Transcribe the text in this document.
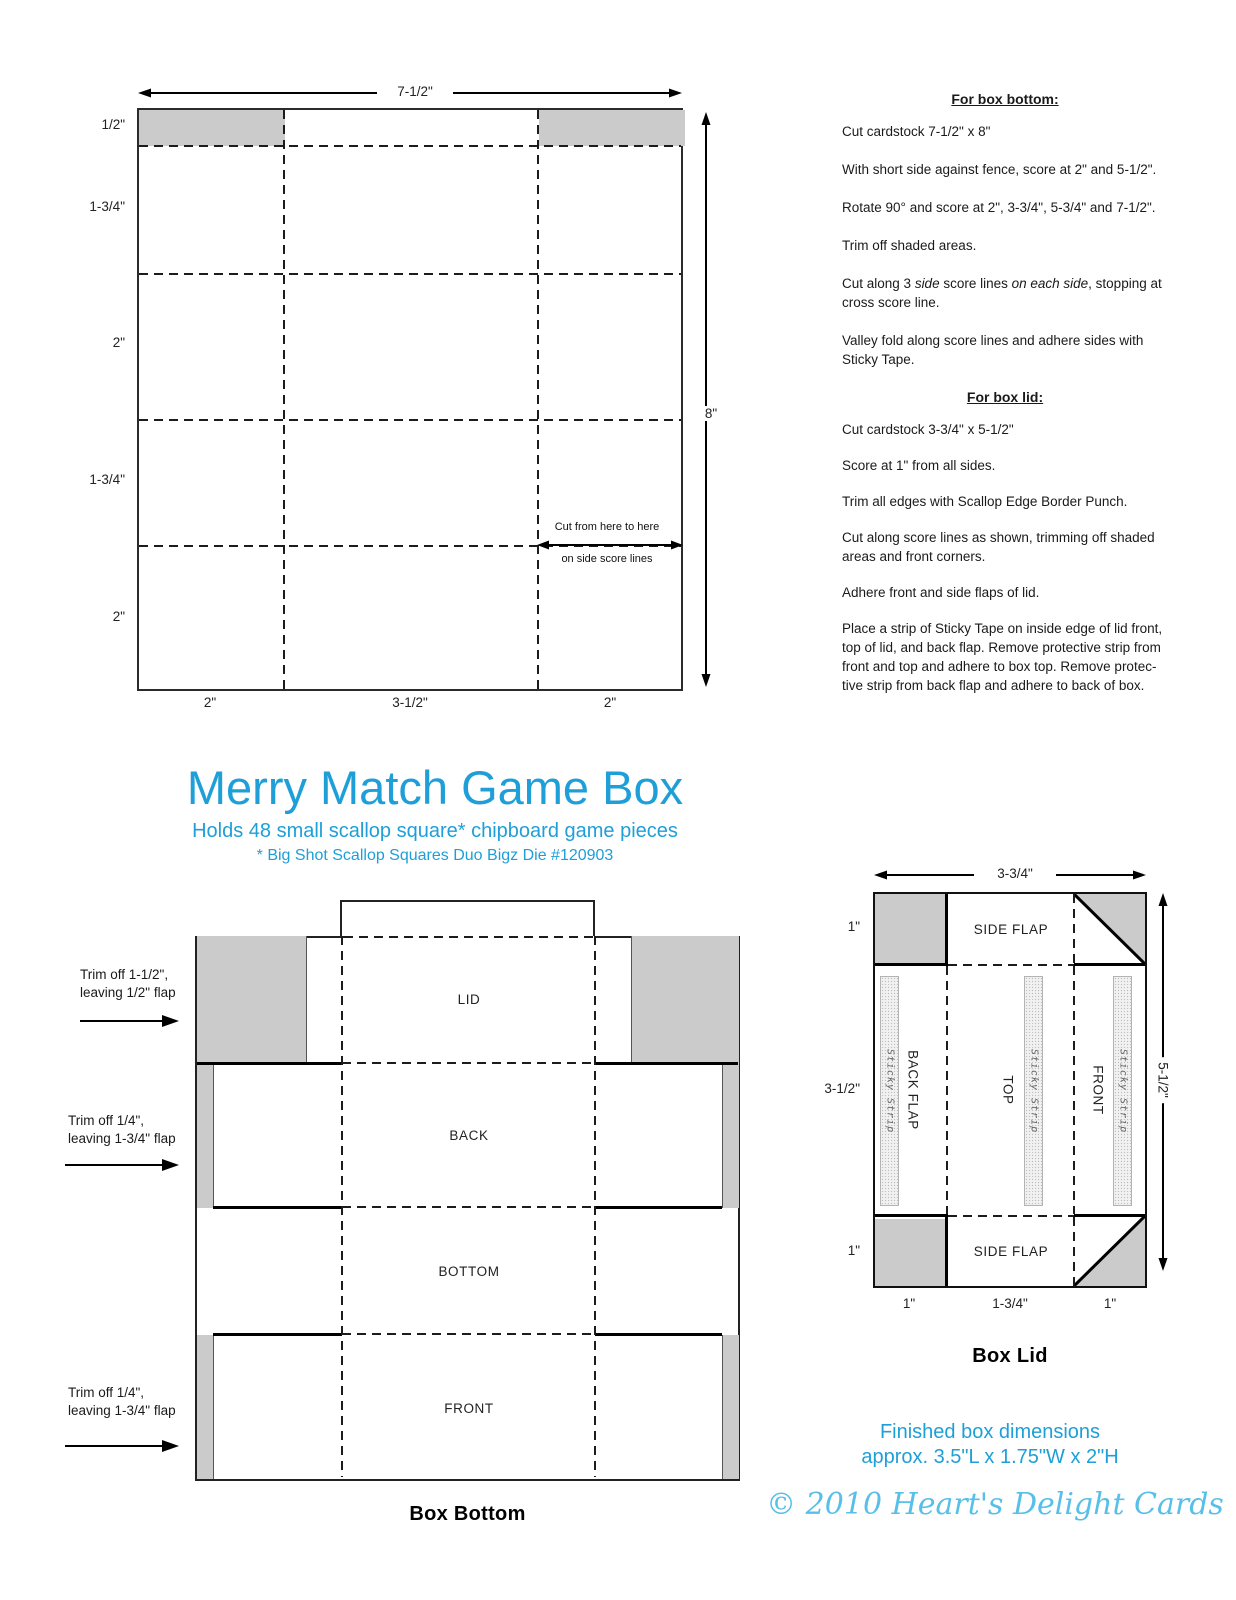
Cut from here to here
on side score lines
7-1/2"
8"
1/2"
1-3/4"
2"
1-3/4"
2"
2"	3-1/2"	2"
For box bottom:
Cut cardstock 7-1/2" x 8"
With short side against fence, score at 2" and 5-1/2".
Rotate 90° and score at 2", 3-3/4", 5-3/4" and 7-1/2".
Trim off shaded areas.
Cut along 3 side score lines on each side, stopping at
cross score line.
Valley fold along score lines and adhere sides with
Sticky Tape.
For box lid:
Cut cardstock 3-3/4" x 5-1/2"
Score at 1" from all sides.
Trim all edges with Scallop Edge Border Punch.
Cut along score lines as shown, trimming off shaded
areas and front corners.
Adhere front and side flaps of lid.
Place a strip of Sticky Tape on inside edge of lid front,
top of lid, and back flap. Remove protective strip from
front and top and adhere to box top. Remove protec-
tive strip from back flap and adhere to back of box.
Merry Match Game Box
Holds 48 small scallop square* chipboard game pieces
* Big Shot Scallop Squares Duo Bigz Die #120903
LID
BACK
BOTTOM
FRONT
Box Bottom
Trim off 1-1/2",
leaving 1/2" flap
Trim off 1/4",
leaving 1-3/4" flap
Trim off 1/4",
leaving 1-3/4" flap
SIDE FLAP
SIDE FLAP
Sticky Strip	Sticky Strip	Sticky Strip
BACK FLAP	TOP	FRONT
3-3/4"
5-1/2"
1"
3-1/2"
1"
1"	1-3/4"	1"
Box Lid
Finished box dimensions
approx. 3.5"L x 1.75"W x 2"H
© 2010 Heart's Delight Cards
